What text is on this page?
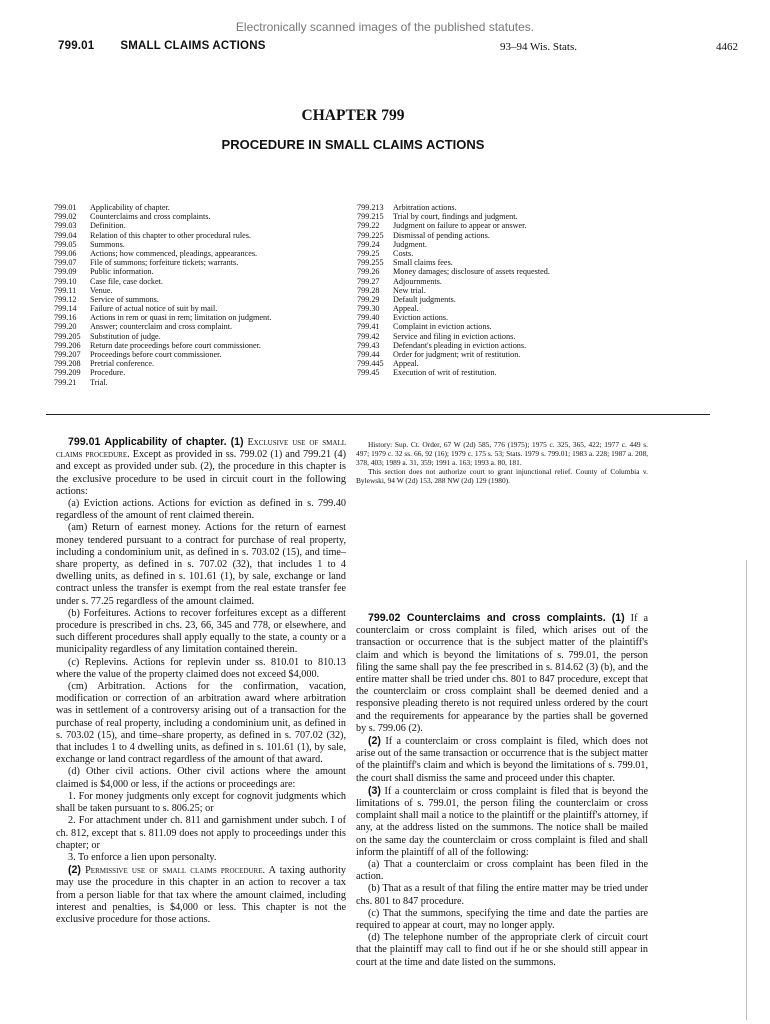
Electronically scanned images of the published statutes.
799.01 SMALL CLAIMS ACTIONS	93–94 Wis. Stats.	4462
CHAPTER 799
PROCEDURE IN SMALL CLAIMS ACTIONS
799.01 Applicability of chapter.
799.02 Counterclaims and cross complaints.
799.03 Definition.
799.04 Relation of this chapter to other procedural rules.
799.05 Summons.
799.06 Actions; how commenced, pleadings, appearances.
799.07 File of summons; forfeiture tickets; warrants.
799.09 Public information.
799.10 Case file, case docket.
799.11 Venue.
799.12 Service of summons.
799.14 Failure of actual notice of suit by mail.
799.16 Actions in rem or quasi in rem; limitation on judgment.
799.20 Answer; counterclaim and cross complaint.
799.205 Substitution of judge.
799.206 Return date proceedings before court commissioner.
799.207 Proceedings before court commissioner.
799.208 Pretrial conference.
799.209 Procedure.
799.21 Trial.
799.213 Arbitration actions.
799.215 Trial by court, findings and judgment.
799.22 Judgment on failure to appear or answer.
799.225 Dismissal of pending actions.
799.24 Judgment.
799.25 Costs.
799.255 Small claims fees.
799.26 Money damages; disclosure of assets requested.
799.27 Adjournments.
799.28 New trial.
799.29 Default judgments.
799.30 Appeal.
799.40 Eviction actions.
799.41 Complaint in eviction actions.
799.42 Service and filing in eviction actions.
799.43 Defendant's pleading in eviction actions.
799.44 Order for judgment; writ of restitution.
799.445 Appeal.
799.45 Execution of writ of restitution.

799.01 Applicability of chapter. (1) Exclusive use of small claims procedure. Except as provided in ss. 799.02 (1) and 799.21 (4) and except as provided under sub. (2), the procedure in this chapter is the exclusive procedure to be used in circuit court in the following actions:

(a) Eviction actions. Actions for eviction as defined in s. 799.40 regardless of the amount of rent claimed therein.

(am) Return of earnest money. Actions for the return of earnest money tendered pursuant to a contract for purchase of real property, including a condominium unit, as defined in s. 703.02 (15), and time–share property, as defined in s. 707.02 (32), that includes 1 to 4 dwelling units, as defined in s. 101.61 (1), by sale, exchange or land contract unless the transfer is exempt from the real estate transfer fee under s. 77.25 regardless of the amount claimed.

(b) Forfeitures. Actions to recover forfeitures except as a different procedure is prescribed in chs. 23, 66, 345 and 778, or elsewhere, and such different procedures shall apply equally to the state, a county or a municipality regardless of any limitation contained therein.

(c) Replevins. Actions for replevin under ss. 810.01 to 810.13 where the value of the property claimed does not exceed $4,000.

(cm) Arbitration. Actions for the confirmation, vacation, modification or correction of an arbitration award where arbitration was in settlement of a controversy arising out of a transaction for the purchase of real property, including a condominium unit, as defined in s. 703.02 (15), and time–share property, as defined in s. 707.02 (32), that includes 1 to 4 dwelling units, as defined in s. 101.61 (1), by sale, exchange or land contract regardless of the amount of that award.

(d) Other civil actions. Other civil actions where the amount claimed is $4,000 or less, if the actions or proceedings are:

1. For money judgments only except for cognovit judgments which shall be taken pursuant to s. 806.25; or

2. For attachment under ch. 811 and garnishment under subch. I of ch. 812, except that s. 811.09 does not apply to proceedings under this chapter; or

3. To enforce a lien upon personalty.

(2) Permissive use of small claims procedure. A taxing authority may use the procedure in this chapter in an action to recover a tax from a person liable for that tax where the amount claimed, including interest and penalties, is $4,000 or less. This chapter is not the exclusive procedure for those actions.

799.02 Counterclaims and cross complaints. (1) If a counterclaim or cross complaint is filed, which arises out of the transaction or occurrence that is the subject matter of the plaintiff's claim and which is beyond the limitations of s. 799.01, the person filing the same shall pay the fee prescribed in s. 814.62 (3) (b), and the entire matter shall be tried under chs. 801 to 847 procedure, except that the counterclaim or cross complaint shall be deemed denied and a responsive pleading thereto is not required unless ordered by the court and the requirements for appearance by the parties shall be governed by s. 799.06 (2).

(2) If a counterclaim or cross complaint is filed, which does not arise out of the same transaction or occurrence that is the subject matter of the plaintiff's claim and which is beyond the limitations of s. 799.01, the court shall dismiss the same and proceed under this chapter.

(3) If a counterclaim or cross complaint is filed that is beyond the limitations of s. 799.01, the person filing the counterclaim or cross complaint shall mail a notice to the plaintiff or the plaintiff's attorney, if any, at the address listed on the summons. The notice shall be mailed on the same day the counterclaim or cross complaint is filed and shall inform the plaintiff of all of the following:

(a) That a counterclaim or cross complaint has been filed in the action.

(b) That as a result of that filing the entire matter may be tried under chs. 801 to 847 procedure.

(c) That the summons, specifying the time and date the parties are required to appear at court, may no longer apply.

(d) The telephone number of the appropriate clerk of circuit court that the plaintiff may call to find out if he or she should still appear in court at the time and date listed on the summons.

History: Sup. Ct. Order, 67 W (2d) 585, 776 (1975); 1975 c. 325, 365, 422; 1977 c. 449 s. 497; 1979 c. 32 ss. 66, 92 (16); 1979 c. 175 s. 53; Stats. 1979 s. 799.01; 1983 a. 228; 1987 a. 208, 378, 403; 1989 a. 31, 359; 1991 a. 163; 1993 a. 80, 181.

This section does not authorize court to grant injunctional relief. County of Columbia v. Bylewski, 94 W (2d) 153, 288 NW (2d) 129 (1980).
